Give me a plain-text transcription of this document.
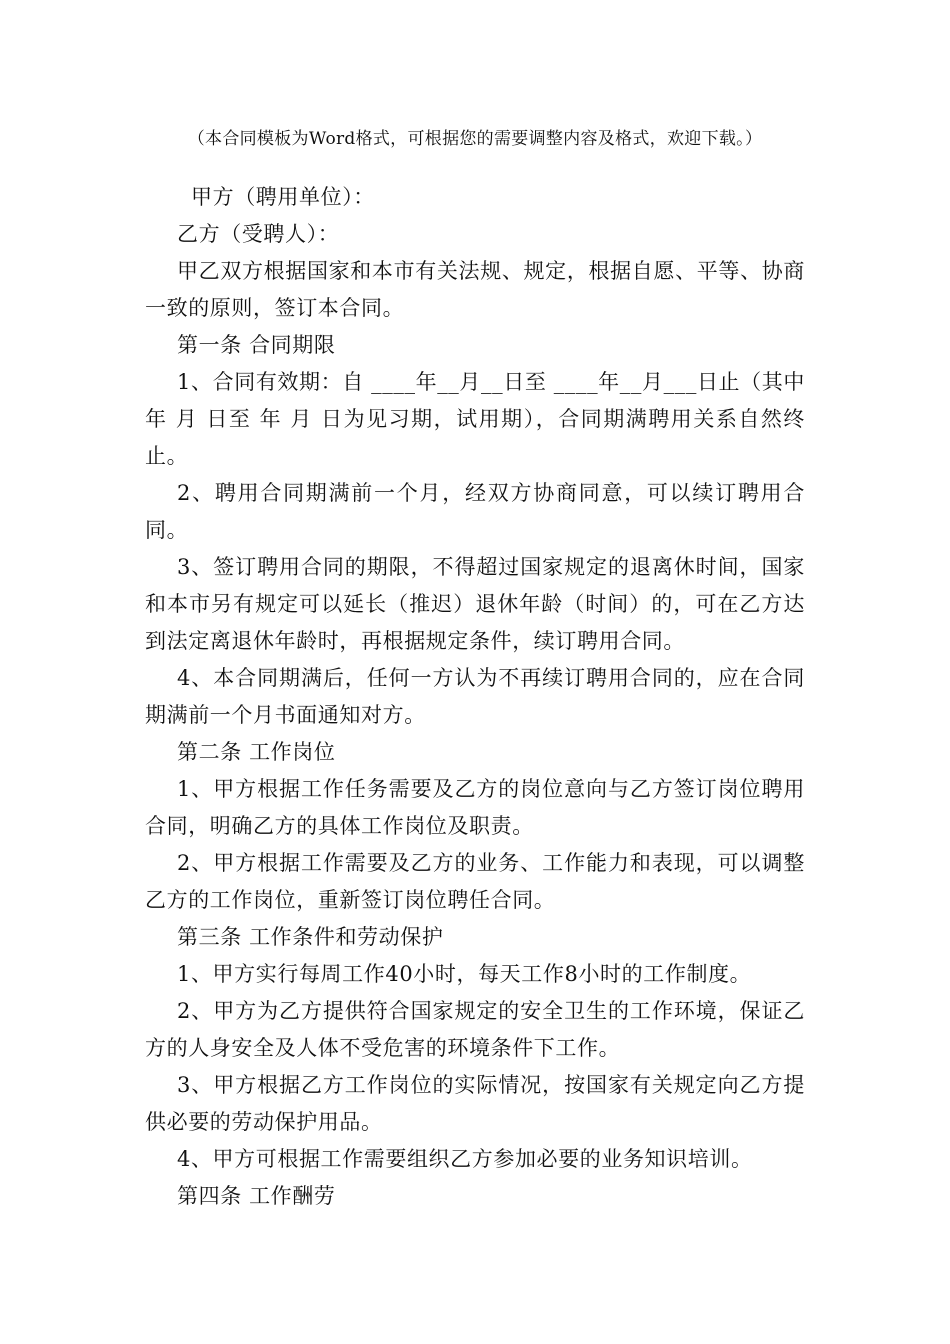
（本合同模板为Word格式，可根据您的需要调整内容及格式，欢迎下载。）

甲方（聘用单位）：

乙方（受聘人）：

甲乙双方根据国家和本市有关法规、规定，根据自愿、平等、协商一致的原则，签订本合同。

第一条 合同期限

1、合同有效期：自 ____年__月__日至 ____年__月___日止（其中 年 月 日至 年 月 日为见习期，试用期），合同期满聘用关系自然终止。

2、聘用合同期满前一个月，经双方协商同意，可以续订聘用合同。

3、签订聘用合同的期限，不得超过国家规定的退离休时间，国家和本市另有规定可以延长（推迟）退休年龄（时间）的，可在乙方达到法定离退休年龄时，再根据规定条件，续订聘用合同。

4、本合同期满后，任何一方认为不再续订聘用合同的，应在合同期满前一个月书面通知对方。

第二条 工作岗位

1、甲方根据工作任务需要及乙方的岗位意向与乙方签订岗位聘用合同，明确乙方的具体工作岗位及职责。

2、甲方根据工作需要及乙方的业务、工作能力和表现，可以调整乙方的工作岗位，重新签订岗位聘任合同。

第三条 工作条件和劳动保护

1、甲方实行每周工作40小时，每天工作8小时的工作制度。

2、甲方为乙方提供符合国家规定的安全卫生的工作环境，保证乙方的人身安全及人体不受危害的环境条件下工作。

3、甲方根据乙方工作岗位的实际情况，按国家有关规定向乙方提供必要的劳动保护用品。

4、甲方可根据工作需要组织乙方参加必要的业务知识培训。

第四条 工作酬劳
